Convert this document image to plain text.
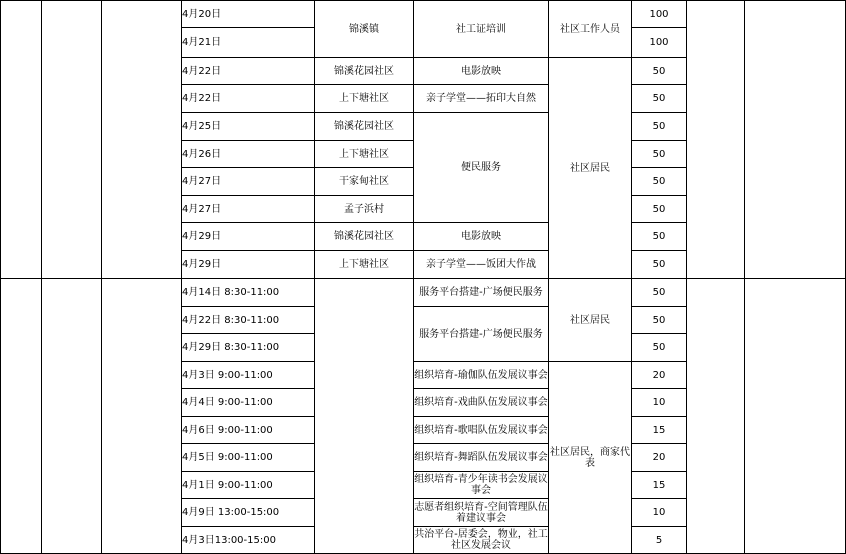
			4月20日	锦溪镇	社工证培训	社区工作人员	100		
			4月21日				100		
			4月22日	锦溪花园社区	电影放映	社区居民	50		
			4月22日	上下塘社区	亲子学堂——拓印大自然		50		
			4月25日	锦溪花园社区	便民服务		50		
			4月26日	上下塘社区			50		
			4月27日	干家甸社区			50		
			4月27日	孟子浜村			50		
			4月29日	锦溪花园社区	电影放映		50		
			4月29日	上下塘社区	亲子学堂——饭团大作战		50		
			4月14日 8:30-11:00		服务平台搭建-广场便民服务	社区居民	50		
			4月22日 8:30-11:00		服务平台搭建-广场便民服务		50		
			4月29日 8:30-11:00				50		
			4月3日 9:00-11:00		组织培育-瑜伽队伍发展议事会	社区居民，商家代表	20		
			4月4日 9:00-11:00		组织培育-戏曲队伍发展议事会		10		
			4月6日 9:00-11:00		组织培育-歌唱队伍发展议事会		15		
			4月5日 9:00-11:00		组织培育-舞蹈队伍发展议事会		20		
			4月1日 9:00-11:00		组织培育-青少年读书会发展议事会		15		
			4月9日 13:00-15:00		志愿者组织培育-空间管理队伍着建议事会		10		
			4月3日13:00-15:00		共治平台-居委会，物业，社工社区发展会议		5		
